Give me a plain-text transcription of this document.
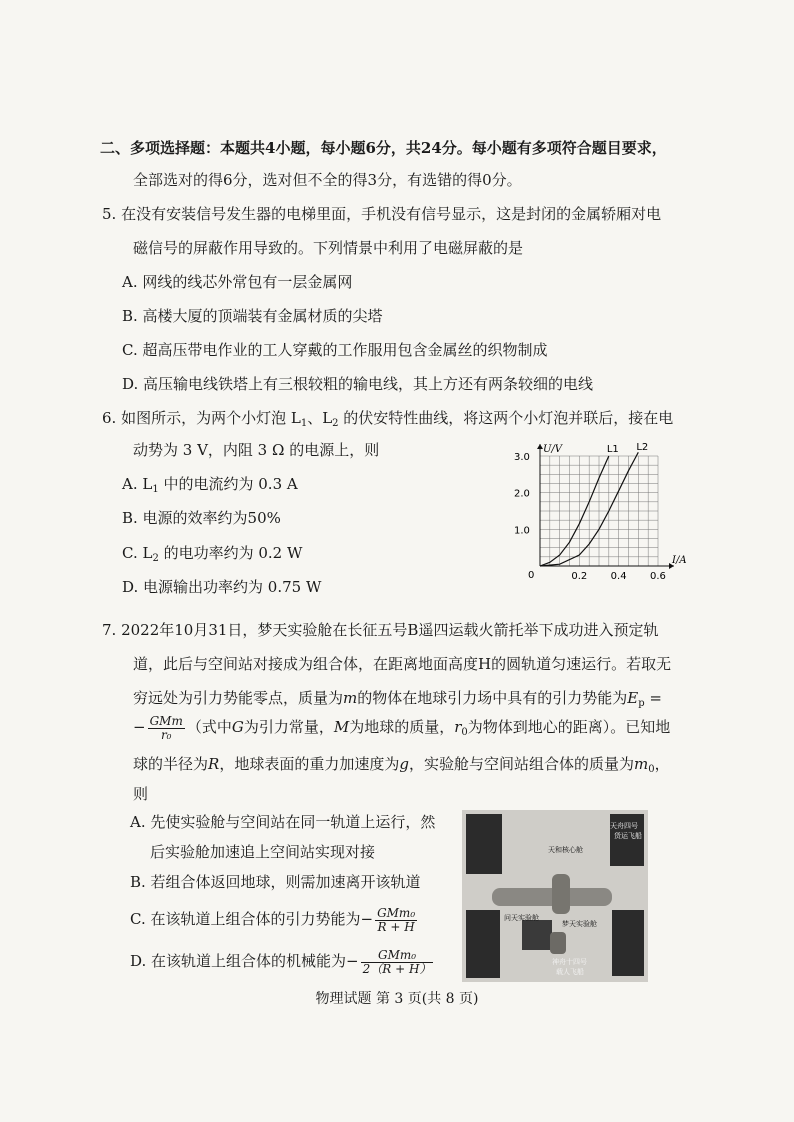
二、多项选择题：本题共4小题，每小题6分，共24分。每小题有多项符合题目要求，
全部选对的得6分，选对但不全的得3分，有选错的得0分。
5. 在没有安装信号发生器的电梯里面，手机没有信号显示，这是封闭的金属轿厢对电
磁信号的屏蔽作用导致的。下列情景中利用了电磁屏蔽的是
A. 网线的线芯外常包有一层金属网
B. 高楼大厦的顶端装有金属材质的尖塔
C. 超高压带电作业的工人穿戴的工作服用包含金属丝的织物制成
D. 高压输电线铁塔上有三根较粗的输电线，其上方还有两条较细的电线
6. 如图所示，为两个小灯泡 $L_1$、$L_2$ 的伏安特性曲线，将这两个小灯泡并联后，接在电
动势为 3 V，内阻 3 Ω 的电源上，则
A. $L_1$ 中的电流约为 0.3 A
B. 电源的效率约为50%
C. $L_2$ 的电功率约为 0.2 W
D. 电源输出功率约为 0.75 W
0.2 0.4 0.6
1.0
2.0
3.0
0
I/A
U/V	L1 L2
7. 2022年10月31日，梦天实验舱在长征五号B遥四运载火箭托举下成功进入预定轨
道，此后与空间站对接成为组合体，在距离地面高度H的圆轨道匀速运行。若取无
穷远处为引力势能零点，质量为m的物体在地球引力场中具有的引力势能为$E_p$ =
− $\frac{\text{GMm}}{\text{r₀}}$ （式中G为引力常量，M为地球的质量，$r_0$为物体到地心的距离）。已知地
球的半径为R，地球表面的重力加速度为g，实验舱与空间站组合体的质量为$m_0$，
则
A. 先使实验舱与空间站在同一轨道上运行，然
后实验舱加速追上空间站实现对接
B. 若组合体返回地球，则需加速离开该轨道
C. 在该轨道上组合体的引力势能为− $\frac{\text{GMm₀}}{R + H}$
D. 在该轨道上组合体的机械能为− $\frac{\text{GMm₀}}{2(R + H)}$
天舟四号
货运飞船
天和核心舱
问天实验舱
梦天实验舱
神舟十四号
载人飞船
物理试题 第 3 页(共 8 页)
